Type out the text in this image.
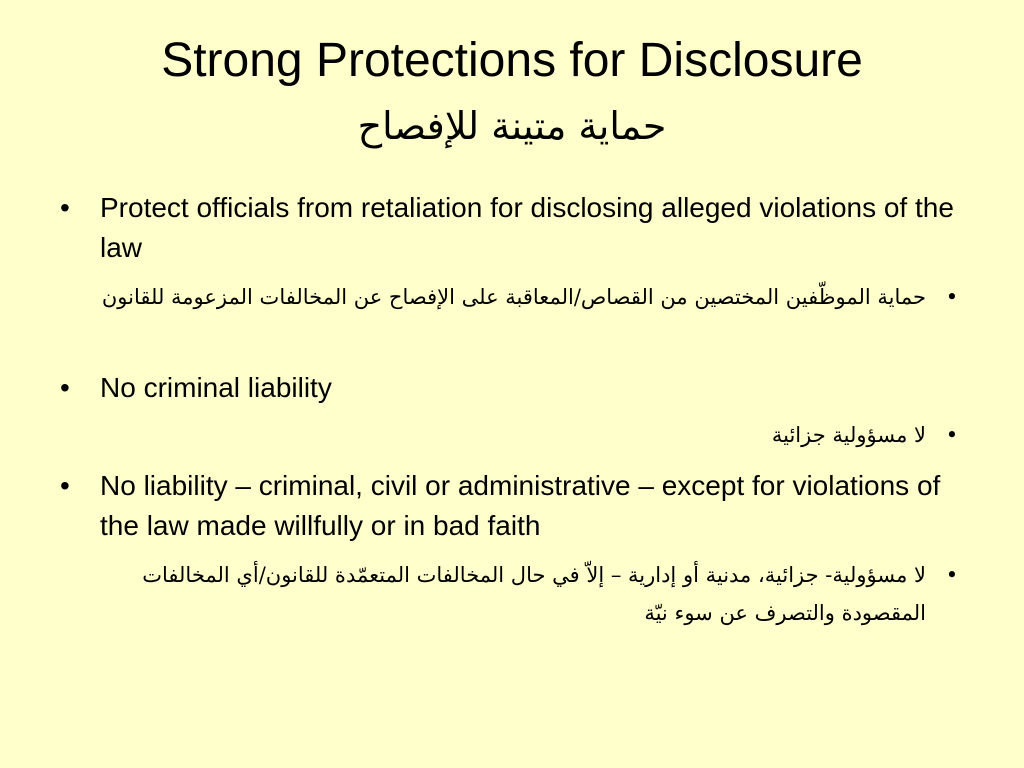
Strong Protections for Disclosure
حماية متينة للإفصاح
•	Protect officials from retaliation for disclosing alleged violations of the law
•
حماية الموظّفين المختصين من القصاص/المعاقبة على الإفصاح عن المخالفات المزعومة للقانون
•	No criminal liability
•
لا مسؤولية جزائية
•	No liability – criminal, civil or administrative – except for violations of the law made willfully or in bad faith
•
لا مسؤولية- جزائية، مدنية أو إدارية – إلاّ في حال المخالفات المتعمّدة للقانون/أي المخالفات المقصودة والتصرف عن سوء نيّة
